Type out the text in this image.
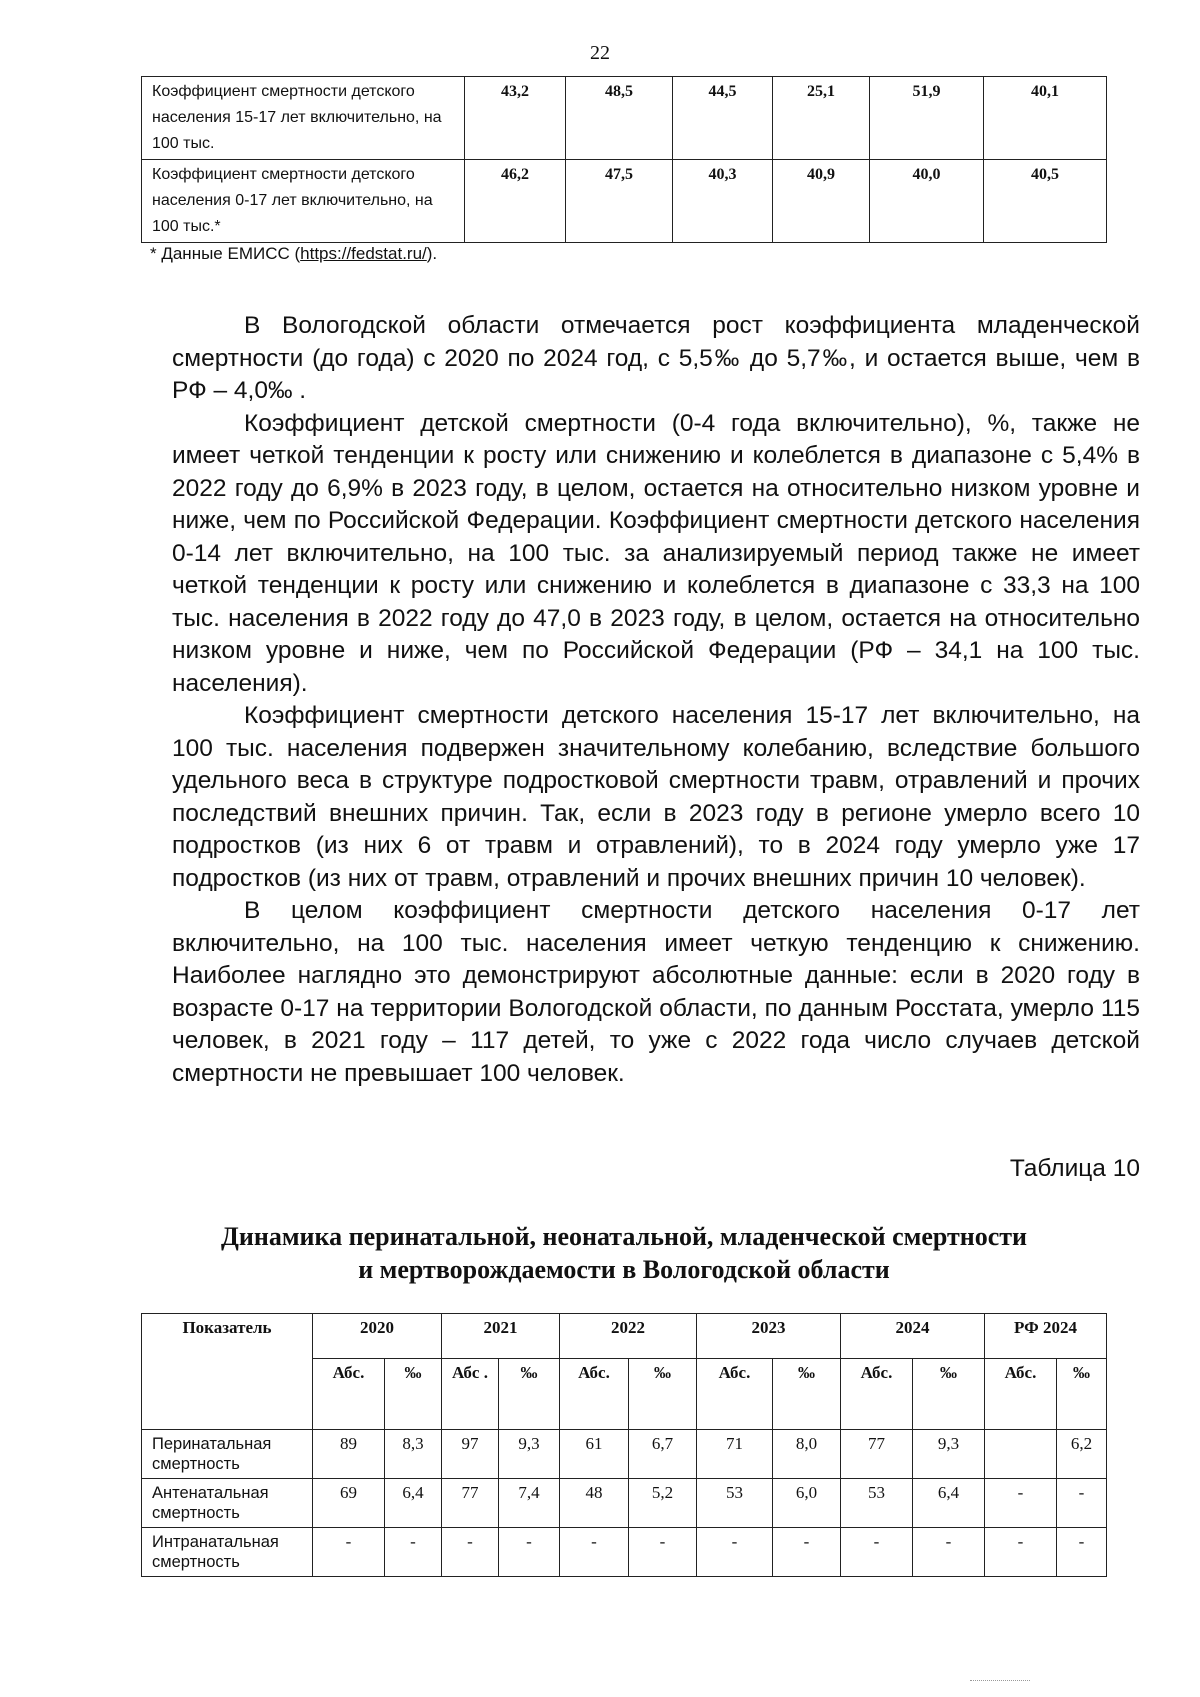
22
Коэффициент смертности детского населения 15-17 лет включительно, на 100 тыс.	43,2	48,5	44,5	25,1	51,9	40,1
Коэффициент смертности детского населения 0-17 лет включительно, на 100 тыс.*	46,2	47,5	40,3	40,9	40,0	40,5
* Данные ЕМИСС (https://fedstat.ru/).

В Вологодской области отмечается рост коэффициента младенческой смертности (до года) с 2020 по 2024 год, с 5,5‰ до 5,7‰, и остается выше, чем в РФ – 4,0‰ .

Коэффициент детской смертности (0-4 года включительно), %, также не имеет четкой тенденции к росту или снижению и колеблется в диапазоне с 5,4% в 2022 году до 6,9% в 2023 году, в целом, остается на относительно низком уровне и ниже, чем по Российской Федерации. Коэффициент смертности детского населения 0-14 лет включительно, на 100 тыс. за анализируемый период также не имеет четкой тенденции к росту или снижению и колеблется в диапазоне с 33,3 на 100 тыс. населения в 2022 году до 47,0 в 2023 году, в целом, остается на относительно низком уровне и ниже, чем по Российской Федерации (РФ – 34,1 на 100 тыс. населения).

Коэффициент смертности детского населения 15-17 лет включительно, на 100 тыс. населения подвержен значительному колебанию, вследствие большого удельного веса в структуре подростковой смертности травм, отравлений и прочих последствий внешних причин. Так, если в 2023 году в регионе умерло всего 10 подростков (из них 6 от травм и отравлений), то в 2024 году умерло уже 17 подростков (из них от травм, отравлений и прочих внешних причин 10 человек).

В целом коэффициент смертности детского населения 0-17 лет включительно, на 100 тыс. населения имеет четкую тенденцию к снижению. Наиболее наглядно это демонстрируют абсолютные данные: если в 2020 году в возрасте 0-17 на территории Вологодской области, по данным Росстата, умерло 115 человек, в 2021 году – 117 детей, то уже с 2022 года число случаев детской смертности не превышает 100 человек.

Таблица 10
Динамика перинатальной, неонатальной, младенческой смертности
и мертворождаемости в Вологодской области
Показатель	2020		2021		2022		2023		2024		РФ 2024	
	Абс.	‰	Абс .	‰	Абс.	‰	Абс.	‰	Абс.	‰	Абс.	‰
Перинатальная смертность	89	8,3	97	9,3	61	6,7	71	8,0	77	9,3		6,2
Антенатальная смертность	69	6,4	77	7,4	48	5,2	53	6,0	53	6,4	-	-
Интранатальная смертность	-	-	-	-	-	-	-	-	-	-	-	-
